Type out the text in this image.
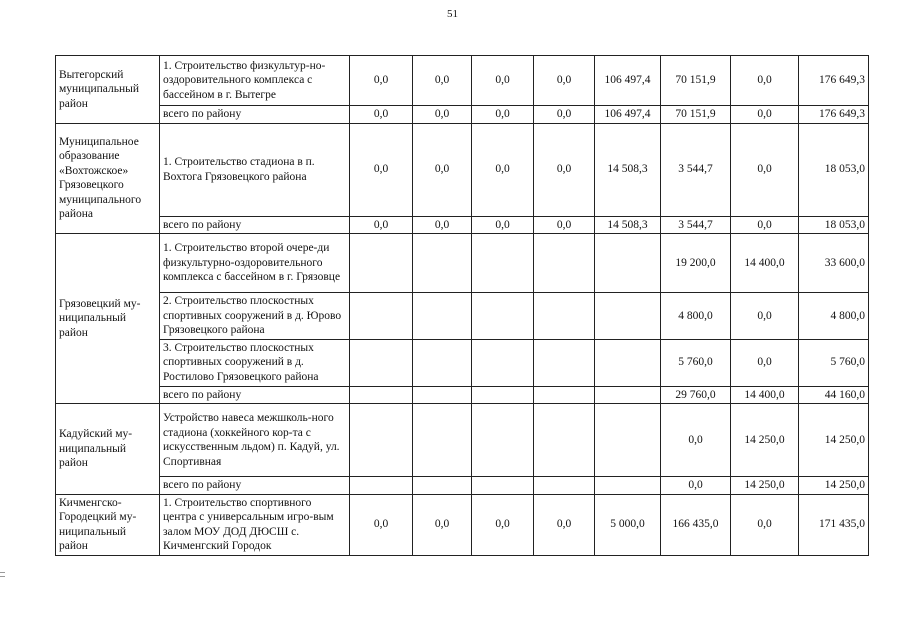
51
Вытегорский муниципальный район	1. Строительство физкультур-но-оздоровительного комплекса с бассейном в г. Вытегре	0,0	0,0	0,0	0,0	106 497,4	70 151,9	0,0	176 649,3
	всего по району	0,0	0,0	0,0	0,0	106 497,4	70 151,9	0,0	176 649,3
Муниципальное образование «Вохтожское» Грязовецкого муниципального района	1. Строительство стадиона в п. Вохтога Грязовецкого района	0,0	0,0	0,0	0,0	14 508,3	3 544,7	0,0	18 053,0
	всего по району	0,0	0,0	0,0	0,0	14 508,3	3 544,7	0,0	18 053,0
Грязовецкий му-ниципальный район	1. Строительство второй очере-ди физкультурно-оздоровительного комплекса с бассейном в г. Грязовце						19 200,0	14 400,0	33 600,0
	2. Строительство плоскостных спортивных сооружений в д. Юрово Грязовецкого района						4 800,0	0,0	4 800,0
	3. Строительство плоскостных спортивных сооружений в д. Ростилово Грязовецкого района						5 760,0	0,0	5 760,0
	всего по району						29 760,0	14 400,0	44 160,0
Кадуйский му-ниципальный район	Устройство навеса межшколь-ного стадиона (хоккейного кор-та с искусственным льдом) п. Кадуй, ул. Спортивная						0,0	14 250,0	14 250,0
	всего по району						0,0	14 250,0	14 250,0
Кичменгско-Городецкий му-ниципальный район	1. Строительство спортивного центра с универсальным игро-вым залом МОУ ДОД ДЮСШ с. Кичменгский Городок	0,0	0,0	0,0	0,0	5 000,0	166 435,0	0,0	171 435,0
